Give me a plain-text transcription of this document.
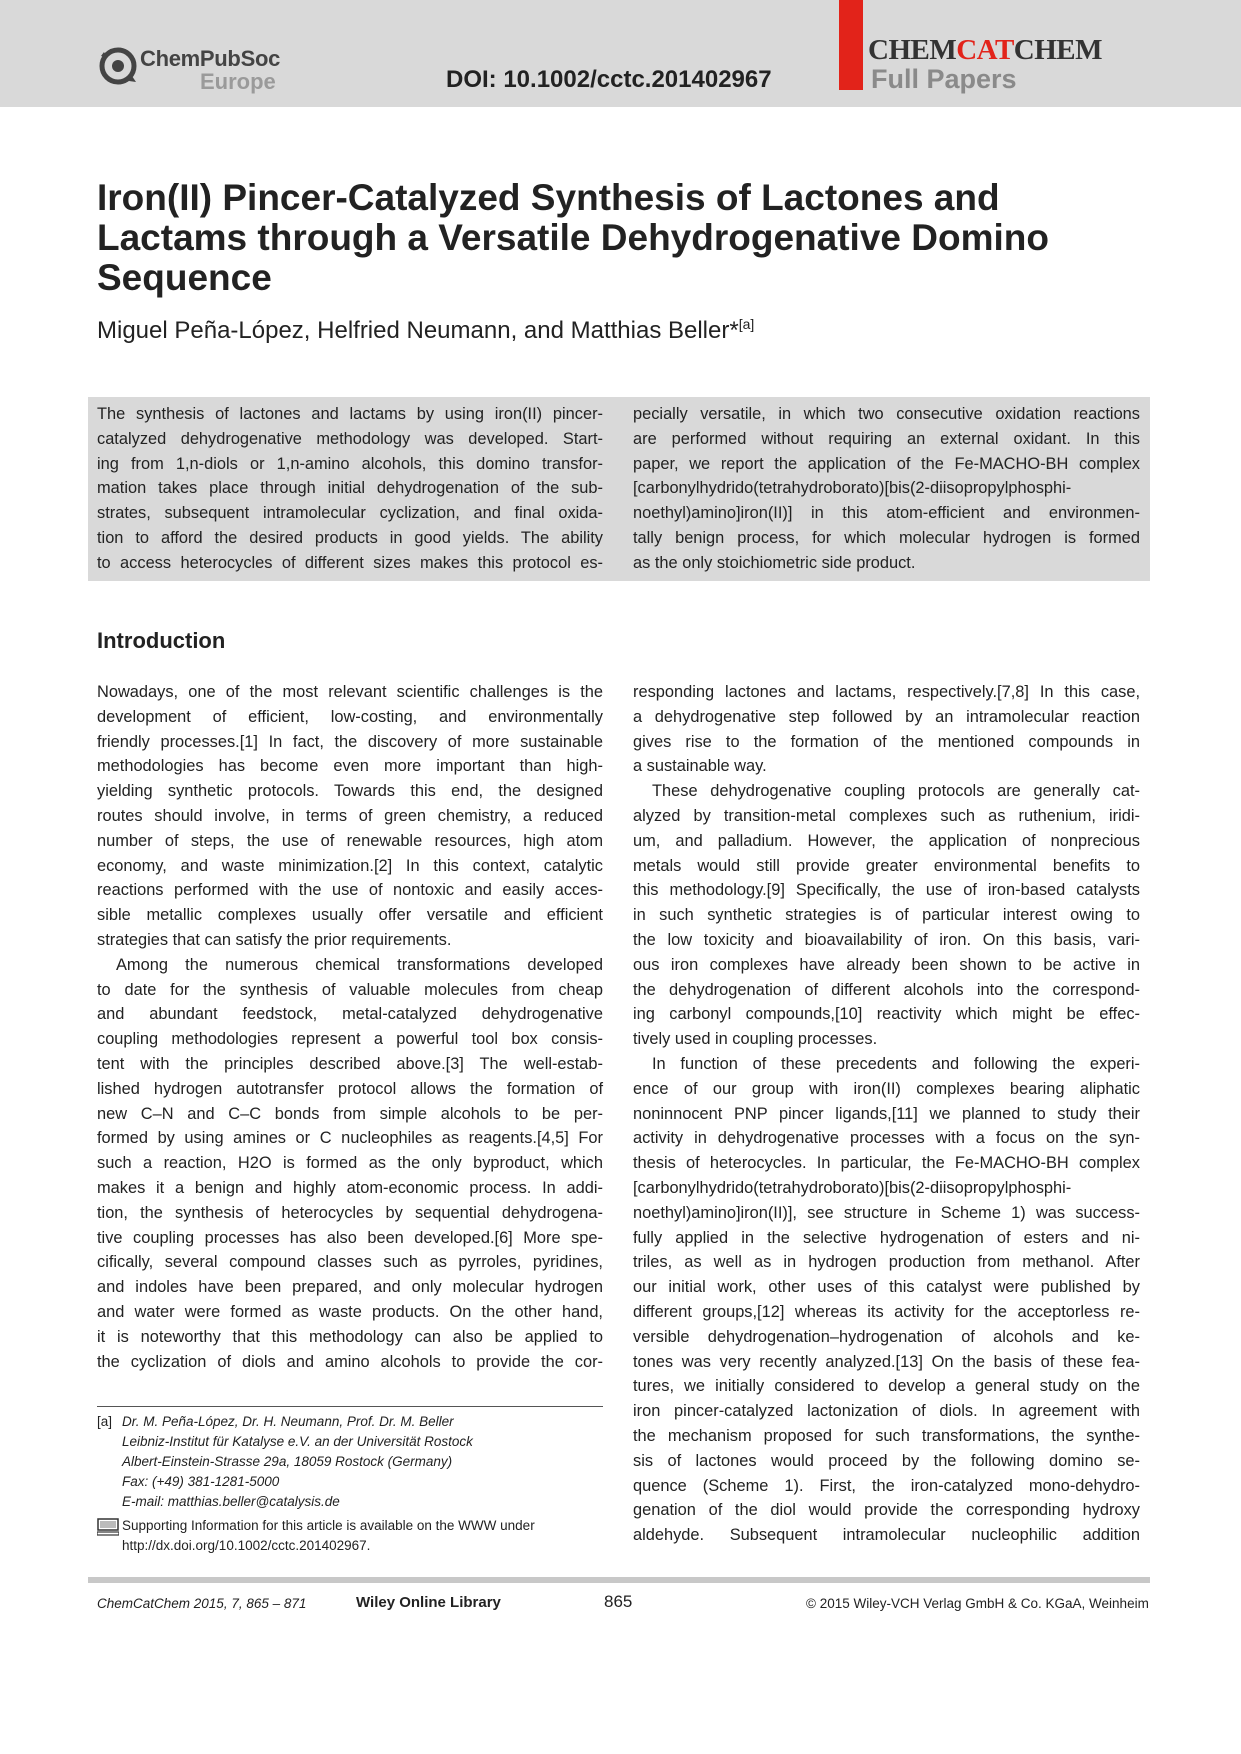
ChemPubSoc
Europe	DOI: 10.1002/cctc.201402967
CHEMCATCHEM
Full Papers
Iron(II) Pincer-Catalyzed Synthesis of Lactones and
Lactams through a Versatile Dehydrogenative Domino
Sequence
Miguel Peña-López, Helfried Neumann, and Matthias Beller*[a]
The synthesis of lactones and lactams by using iron(II) pincer-
catalyzed dehydrogenative methodology was developed. Start-
ing from 1,n-diols or 1,n-amino alcohols, this domino transfor-
mation takes place through initial dehydrogenation of the sub-
strates, subsequent intramolecular cyclization, and final oxida-
tion to afford the desired products in good yields. The ability
to access heterocycles of different sizes makes this protocol es-
pecially versatile, in which two consecutive oxidation reactions
are performed without requiring an external oxidant. In this
paper, we report the application of the Fe-MACHO-BH complex
[carbonylhydrido(tetrahydroborato)[bis(2-diisopropylphosphi-
noethyl)amino]iron(II)] in this atom-efficient and environmen-
tally benign process, for which molecular hydrogen is formed
as the only stoichiometric side product.
Introduction
Nowadays, one of the most relevant scientific challenges is the
development of efficient, low-costing, and environmentally
friendly processes.[1] In fact, the discovery of more sustainable
methodologies has become even more important than high-
yielding synthetic protocols. Towards this end, the designed
routes should involve, in terms of green chemistry, a reduced
number of steps, the use of renewable resources, high atom
economy, and waste minimization.[2] In this context, catalytic
reactions performed with the use of nontoxic and easily acces-
sible metallic complexes usually offer versatile and efficient
strategies that can satisfy the prior requirements.
Among the numerous chemical transformations developed
to date for the synthesis of valuable molecules from cheap
and abundant feedstock, metal-catalyzed dehydrogenative
coupling methodologies represent a powerful tool box consis-
tent with the principles described above.[3] The well-estab-
lished hydrogen autotransfer protocol allows the formation of
new C–N and C–C bonds from simple alcohols to be per-
formed by using amines or C nucleophiles as reagents.[4,5] For
such a reaction, H2O is formed as the only byproduct, which
makes it a benign and highly atom-economic process. In addi-
tion, the synthesis of heterocycles by sequential dehydrogena-
tive coupling processes has also been developed.[6] More spe-
cifically, several compound classes such as pyrroles, pyridines,
and indoles have been prepared, and only molecular hydrogen
and water were formed as waste products. On the other hand,
it is noteworthy that this methodology can also be applied to
the cyclization of diols and amino alcohols to provide the cor-
responding lactones and lactams, respectively.[7,8] In this case,
a dehydrogenative step followed by an intramolecular reaction
gives rise to the formation of the mentioned compounds in
a sustainable way.
These dehydrogenative coupling protocols are generally cat-
alyzed by transition-metal complexes such as ruthenium, iridi-
um, and palladium. However, the application of nonprecious
metals would still provide greater environmental benefits to
this methodology.[9] Specifically, the use of iron-based catalysts
in such synthetic strategies is of particular interest owing to
the low toxicity and bioavailability of iron. On this basis, vari-
ous iron complexes have already been shown to be active in
the dehydrogenation of different alcohols into the correspond-
ing carbonyl compounds,[10] reactivity which might be effec-
tively used in coupling processes.
In function of these precedents and following the experi-
ence of our group with iron(II) complexes bearing aliphatic
noninnocent PNP pincer ligands,[11] we planned to study their
activity in dehydrogenative processes with a focus on the syn-
thesis of heterocycles. In particular, the Fe-MACHO-BH complex
[carbonylhydrido(tetrahydroborato)[bis(2-diisopropylphosphi-
noethyl)amino]iron(II)], see structure in Scheme 1) was success-
fully applied in the selective hydrogenation of esters and ni-
triles, as well as in hydrogen production from methanol. After
our initial work, other uses of this catalyst were published by
different groups,[12] whereas its activity for the acceptorless re-
versible dehydrogenation–hydrogenation of alcohols and ke-
tones was very recently analyzed.[13] On the basis of these fea-
tures, we initially considered to develop a general study on the
iron pincer-catalyzed lactonization of diols. In agreement with
the mechanism proposed for such transformations, the synthe-
sis of lactones would proceed by the following domino se-
quence (Scheme 1). First, the iron-catalyzed mono-dehydro-
genation of the diol would provide the corresponding hydroxy
aldehyde. Subsequent intramolecular nucleophilic addition
[a] Dr. M. Peña-López, Dr. H. Neumann, Prof. Dr. M. Beller
Leibniz-Institut für Katalyse e.V. an der Universität Rostock
Albert-Einstein-Strasse 29a, 18059 Rostock (Germany)
Fax: (+49) 381-1281-5000
E-mail: matthias.beller@catalysis.de
Supporting Information for this article is available on the WWW under
http://dx.doi.org/10.1002/cctc.201402967.
ChemCatChem 2015, 7, 865 – 871	Wiley Online Library	865	© 2015 Wiley-VCH Verlag GmbH & Co. KGaA, Weinheim
